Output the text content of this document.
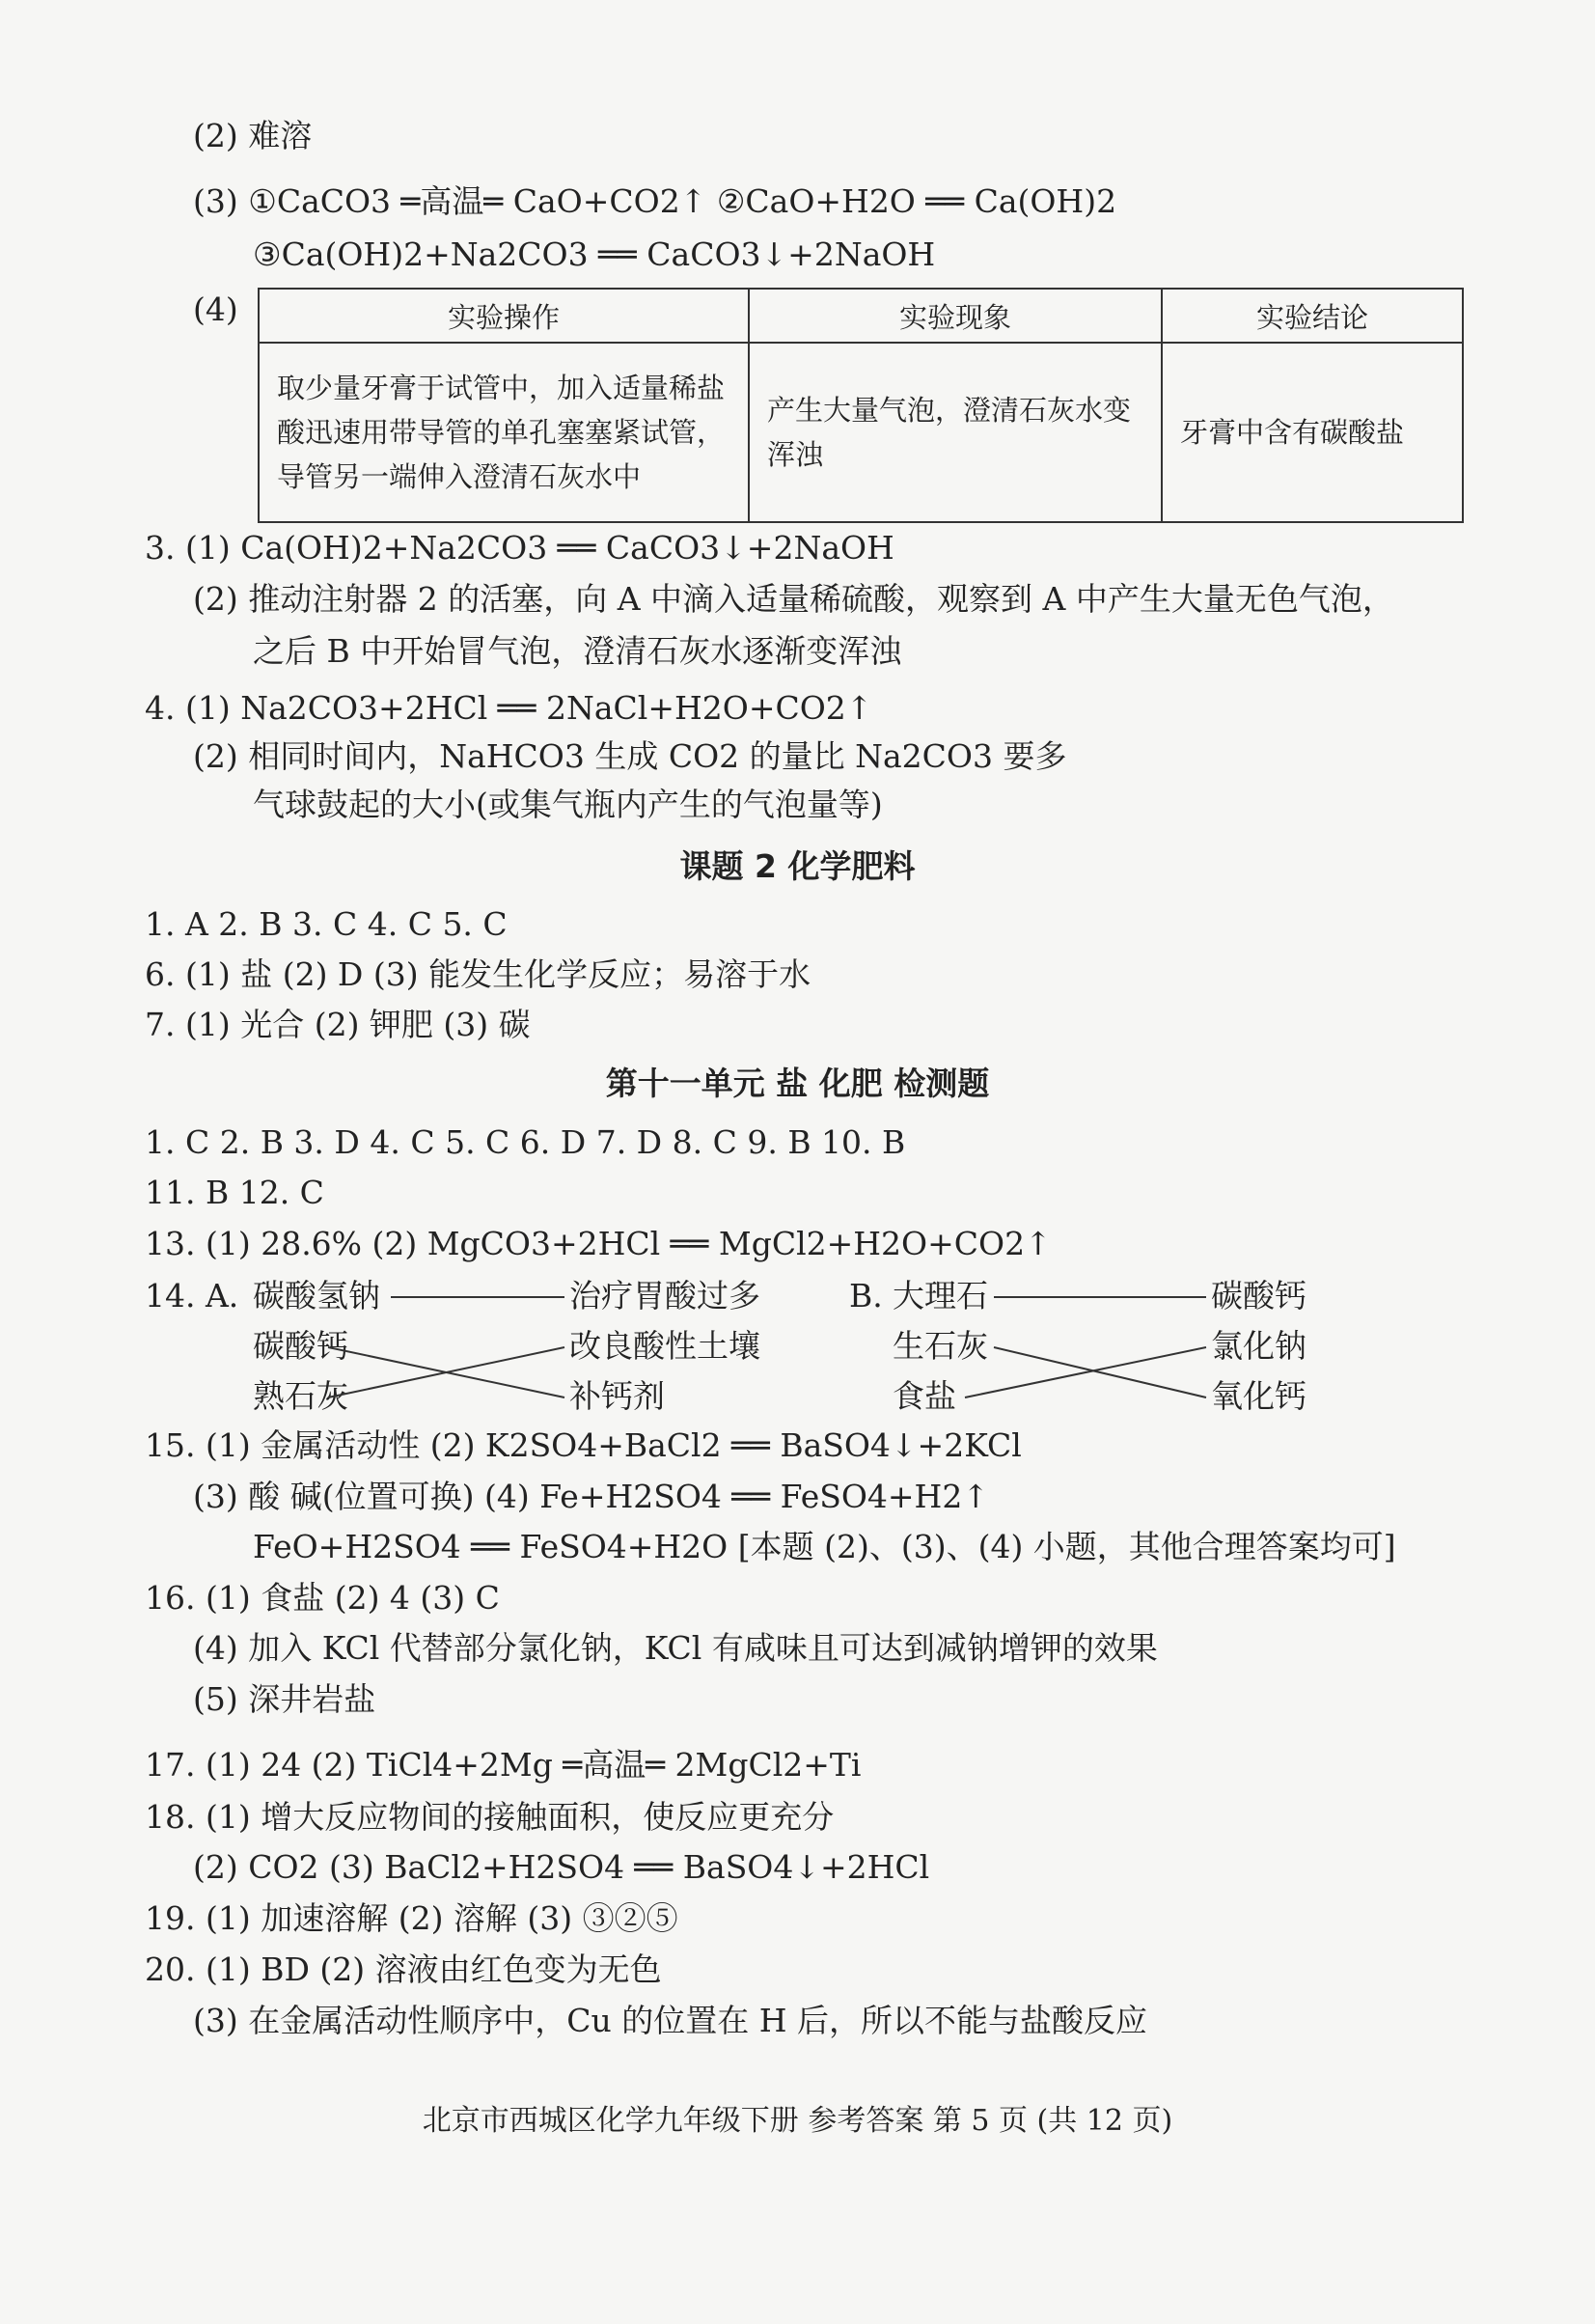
(2) 难溶
(3) ①CaCO3 ═高温═ CaO+CO2↑ ②CaO+H2O ══ Ca(OH)2
③Ca(OH)2+Na2CO3 ══ CaCO3↓+2NaOH
(4)	实验操作	实验现象	实验结论
取少量牙膏于试管中，加入适量稀盐酸迅速用带导管的单孔塞塞紧试管，导管另一端伸入澄清石灰水中	产生大量气泡，澄清石灰水变浑浊	牙膏中含有碳酸盐
3. (1) Ca(OH)2+Na2CO3 ══ CaCO3↓+2NaOH
(2) 推动注射器 2 的活塞，向 A 中滴入适量稀硫酸，观察到 A 中产生大量无色气泡，
之后 B 中开始冒气泡，澄清石灰水逐渐变浑浊
4. (1) Na2CO3+2HCl ══ 2NaCl+H2O+CO2↑
(2) 相同时间内，NaHCO3 生成 CO2 的量比 Na2CO3 要多
气球鼓起的大小(或集气瓶内产生的气泡量等)
课题 2 化学肥料
1. A 2. B 3. C 4. C 5. C
6. (1) 盐 (2) D (3) 能发生化学反应；易溶于水
7. (1) 光合 (2) 钾肥 (3) 碳
第十一单元 盐 化肥 检测题
1. C 2. B 3. D 4. C 5. C 6. D 7. D 8. C 9. B 10. B
11. B 12. C
13. (1) 28.6% (2) MgCO3+2HCl ══ MgCl2+H2O+CO2↑
14. A. 碳酸氢钠
碳酸钙
熟石灰
治疗胃酸过多
改良酸性土壤
补钙剂
B. 大理石
生石灰
食盐
碳酸钙
氯化钠
氧化钙
15. (1) 金属活动性 (2) K2SO4+BaCl2 ══ BaSO4↓+2KCl
(3) 酸 碱(位置可换) (4) Fe+H2SO4 ══ FeSO4+H2↑
FeO+H2SO4 ══ FeSO4+H2O [本题 (2)、(3)、(4) 小题，其他合理答案均可]
16. (1) 食盐 (2) 4 (3) C
(4) 加入 KCl 代替部分氯化钠，KCl 有咸味且可达到减钠增钾的效果
(5) 深井岩盐
17. (1) 24 (2) TiCl4+2Mg ═高温═ 2MgCl2+Ti
18. (1) 增大反应物间的接触面积，使反应更充分
(2) CO2 (3) BaCl2+H2SO4 ══ BaSO4↓+2HCl
19. (1) 加速溶解 (2) 溶解 (3) ③②⑤
20. (1) BD (2) 溶液由红色变为无色
(3) 在金属活动性顺序中，Cu 的位置在 H 后，所以不能与盐酸反应
北京市西城区化学九年级下册 参考答案 第 5 页 (共 12 页)
